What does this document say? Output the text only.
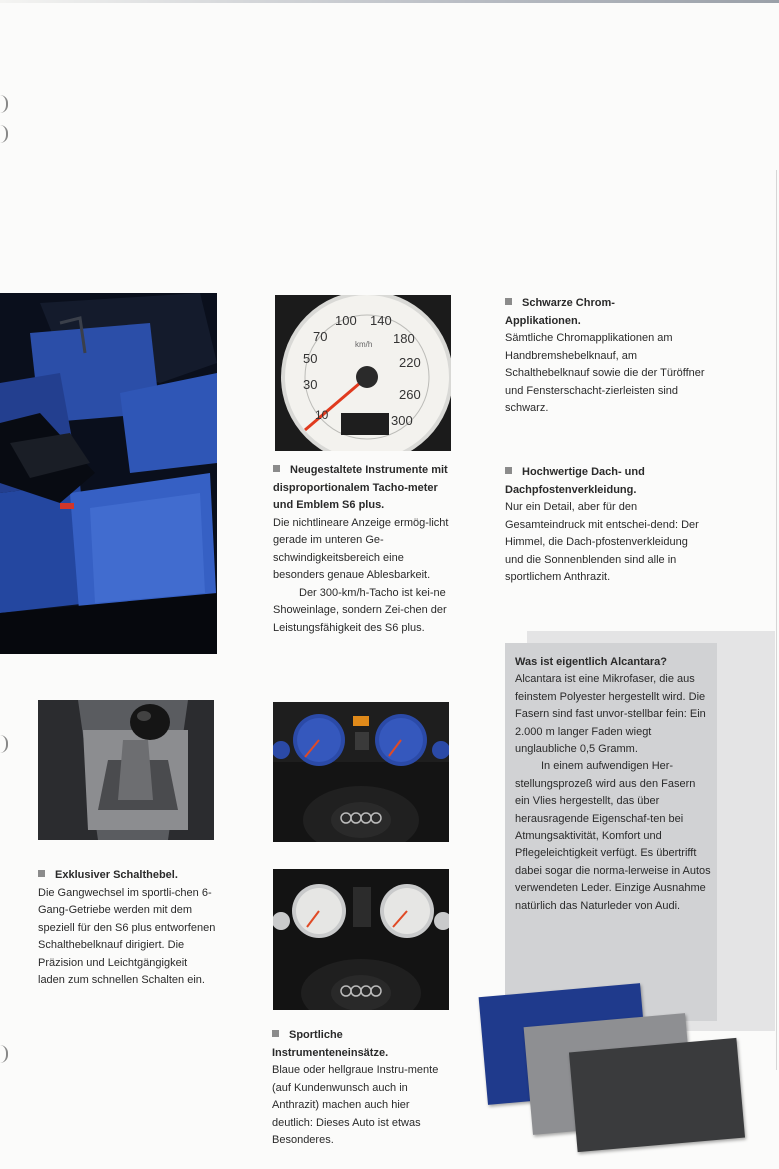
10
30
50
70
100 140
180
220
260
300
km/h
Schwarze Chrom-
Applikationen.

Sämtliche Chromapplikationen am Handbremshebelknauf, am Schalthebelknauf sowie die der Türöffner und Fensterschacht-zierleisten sind schwarz.

Neugestaltete Instrumente mit disproportionalem Tacho-meter und Emblem S6 plus.

Die nichtlineare Anzeige ermög-licht gerade im unteren Ge-schwindigkeitsbereich eine besonders genaue Ablesbarkeit.

Der 300-km/h-Tacho ist kei-ne Showeinlage, sondern Zei-chen der Leistungsfähigkeit des S6 plus.

Hochwertige Dach- und Dachpfostenverkleidung.

Nur ein Detail, aber für den Gesamteindruck mit entschei-dend: Der Himmel, die Dach-pfostenverkleidung und die Sonnenblenden sind alle in sportlichem Anthrazit.

Was ist eigentlich Alcantara?

Alcantara ist eine Mikrofaser, die aus feinstem Polyester hergestellt wird. Die Fasern sind fast unvor-stellbar fein: Ein 2.000 m langer Faden wiegt unglaubliche 0,5 Gramm.

In einem aufwendigen Her-stellungsprozeß wird aus den Fasern ein Vlies hergestellt, das über herausragende Eigenschaf-ten bei Atmungsaktivität, Komfort und Pflegeleichtigkeit verfügt. Es übertrifft dabei sogar die norma-lerweise in Autos verwendeten Leder. Einzige Ausnahme natürlich das Naturleder von Audi.

Exklusiver Schalthebel.

Die Gangwechsel im sportli-chen 6-Gang-Getriebe werden mit dem speziell für den S6 plus entworfenen Schalthebelknauf dirigiert. Die Präzision und Leichtgängigkeit laden zum schnellen Schalten ein.

Sportliche Instrumenteneinsätze.

Blaue oder hellgraue Instru-mente (auf Kundenwunsch auch in Anthrazit) machen auch hier deutlich: Dieses Auto ist etwas Besonderes.
